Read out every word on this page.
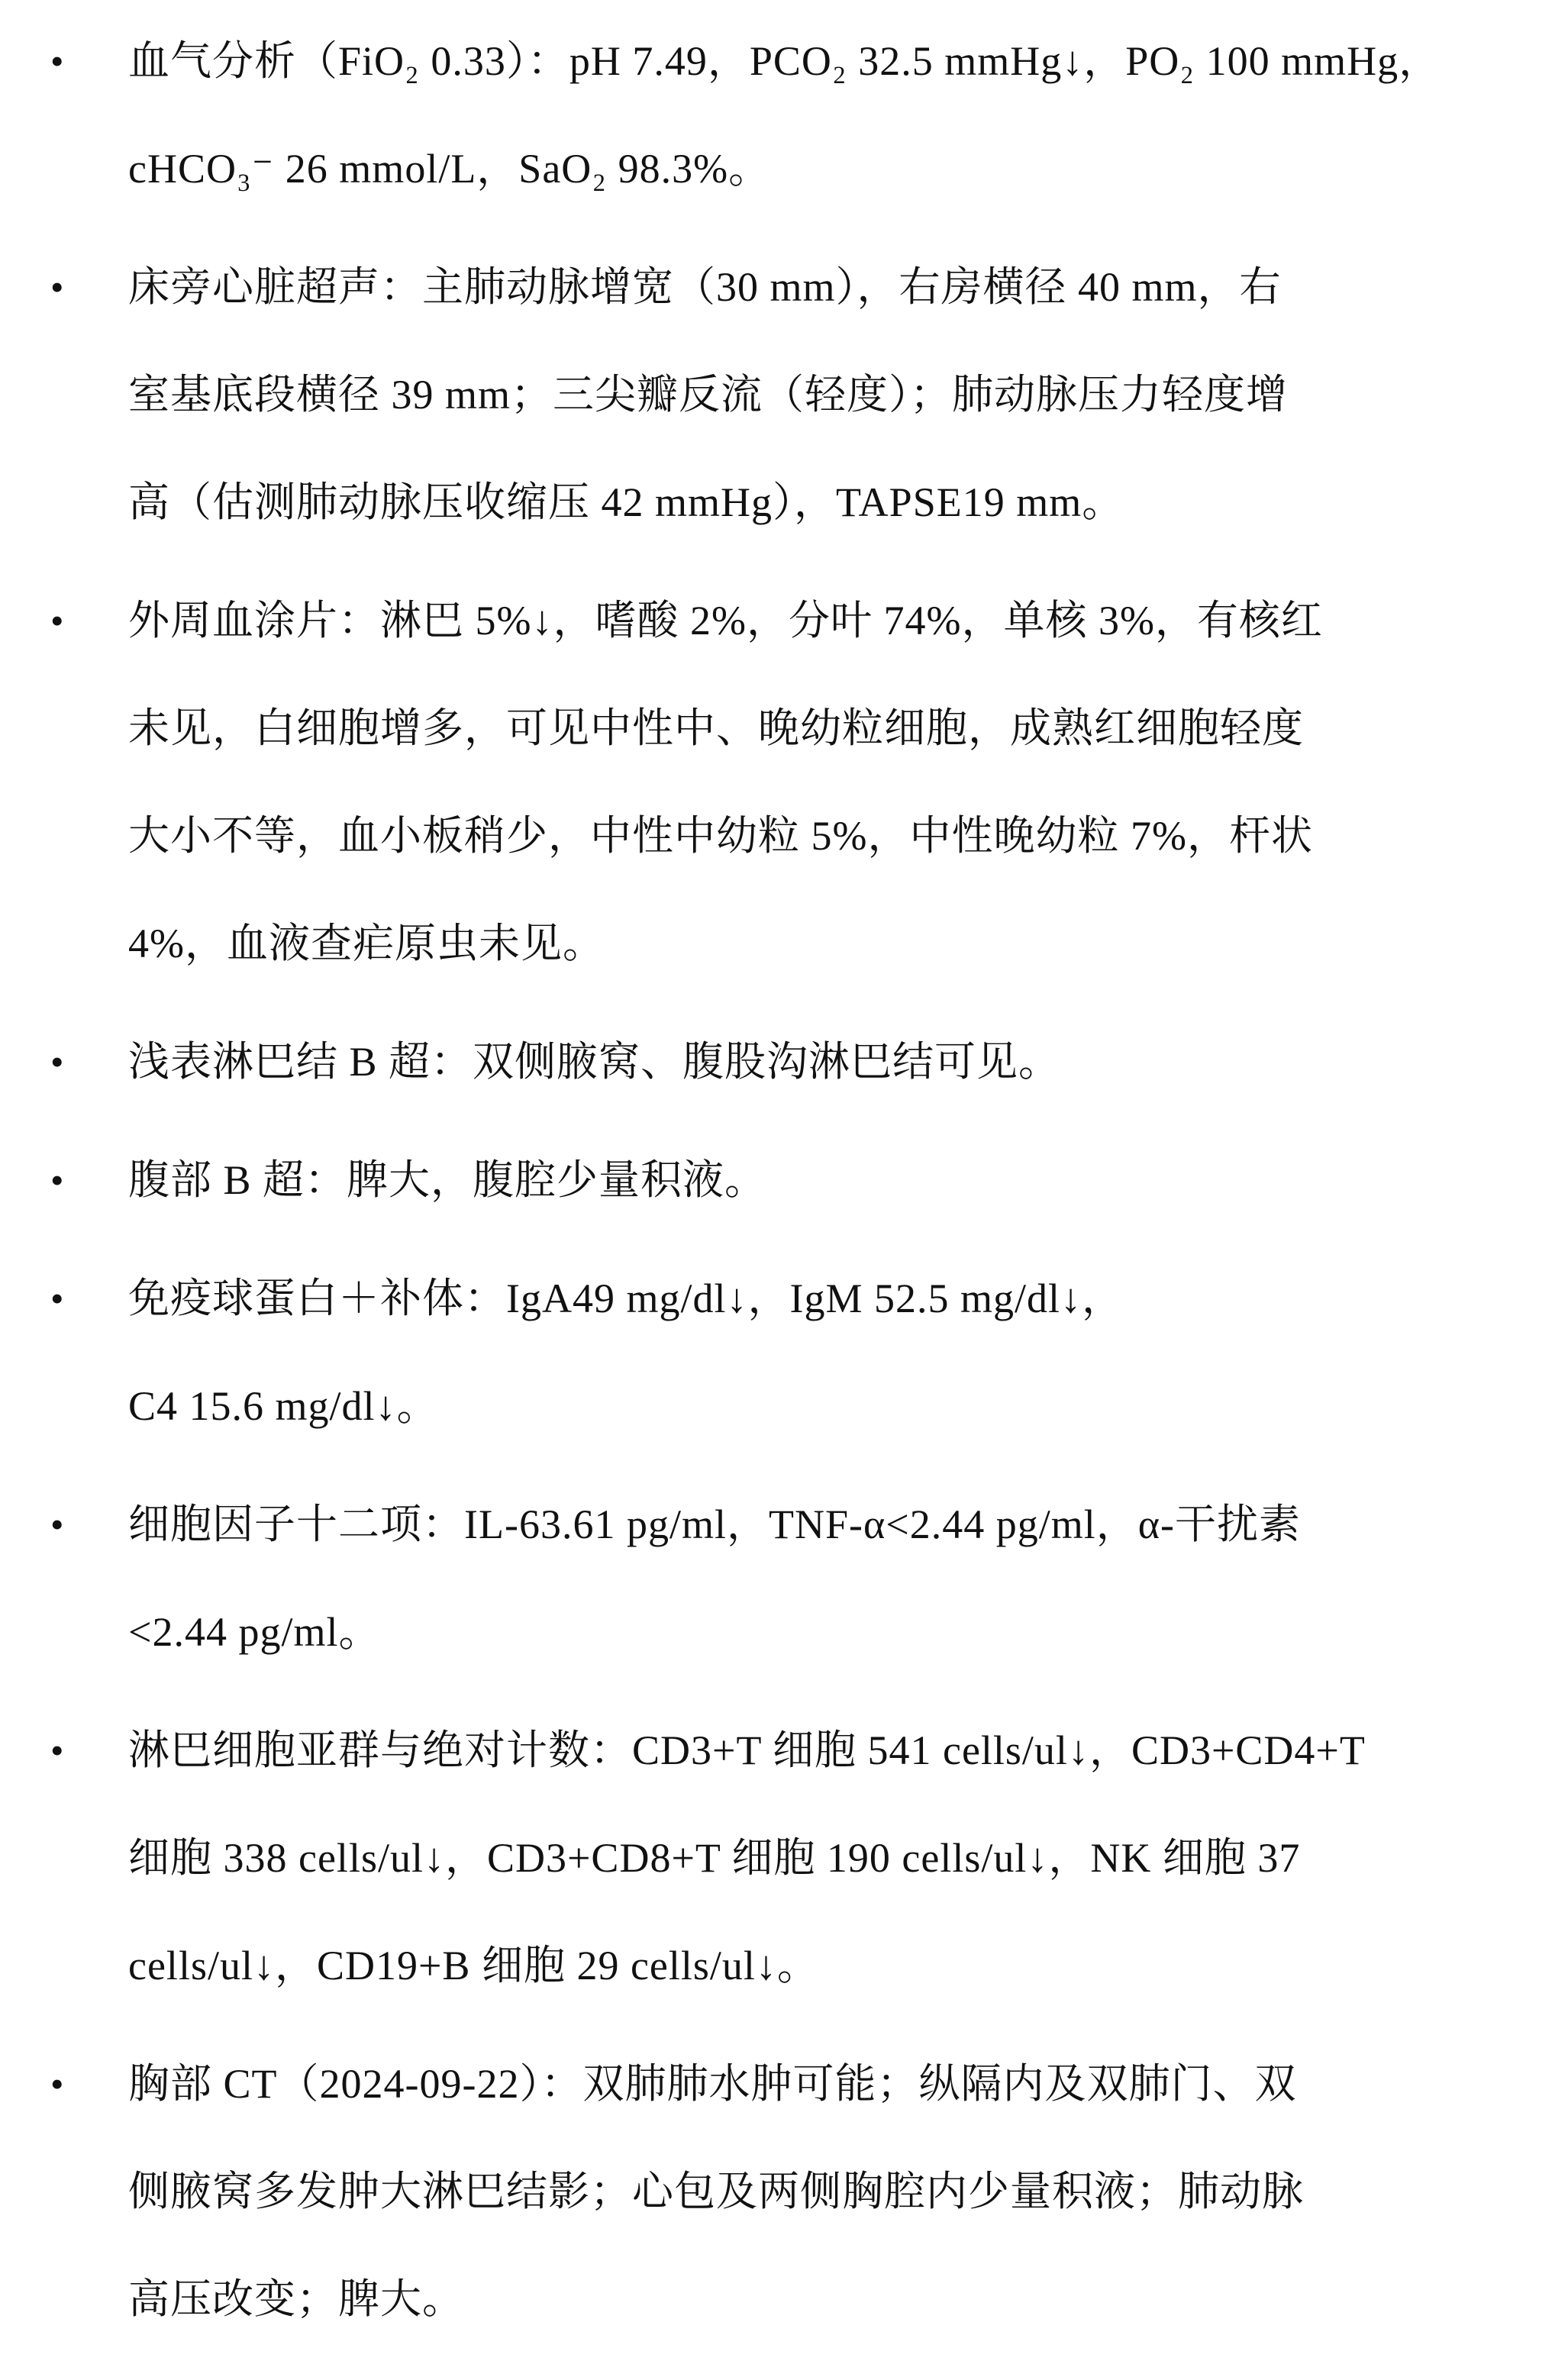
• 血气分析（FiO₂ 0.33）：pH 7.49，PCO₂ 32.5 mmHg↓，PO₂ 100 mmHg，
cHCO₃⁻ 26 mmol/L，SaO₂ 98.3%。
• 床旁心脏超声：主肺动脉增宽（30 mm），右房横径 40 mm，右
室基底段横径 39 mm；三尖瓣反流（轻度）；肺动脉压力轻度增
高（估测肺动脉压收缩压 42 mmHg），TAPSE19 mm。
• 外周血涂片：淋巴 5%↓，嗜酸 2%，分叶 74%，单核 3%，有核红
未见，白细胞增多，可见中性中、晚幼粒细胞，成熟红细胞轻度
大小不等，血小板稍少，中性中幼粒 5%，中性晚幼粒 7%，杆状
4%，血液查疟原虫未见。
• 浅表淋巴结 B 超：双侧腋窝、腹股沟淋巴结可见。
• 腹部 B 超：脾大，腹腔少量积液。
• 免疫球蛋白＋补体：IgA49 mg/dl↓，IgM 52.5 mg/dl↓，
C4 15.6 mg/dl↓。
• 细胞因子十二项：IL-63.61 pg/ml，TNF-α<2.44 pg/ml，α-干扰素
<2.44 pg/ml。
• 淋巴细胞亚群与绝对计数：CD3+T 细胞 541 cells/ul↓，CD3+CD4+T
细胞 338 cells/ul↓，CD3+CD8+T 细胞 190 cells/ul↓，NK 细胞 37
cells/ul↓，CD19+B 细胞 29 cells/ul↓。
• 胸部 CT（2024-09-22）：双肺肺水肿可能；纵隔内及双肺门、双
侧腋窝多发肿大淋巴结影；心包及两侧胸腔内少量积液；肺动脉
高压改变；脾大。
